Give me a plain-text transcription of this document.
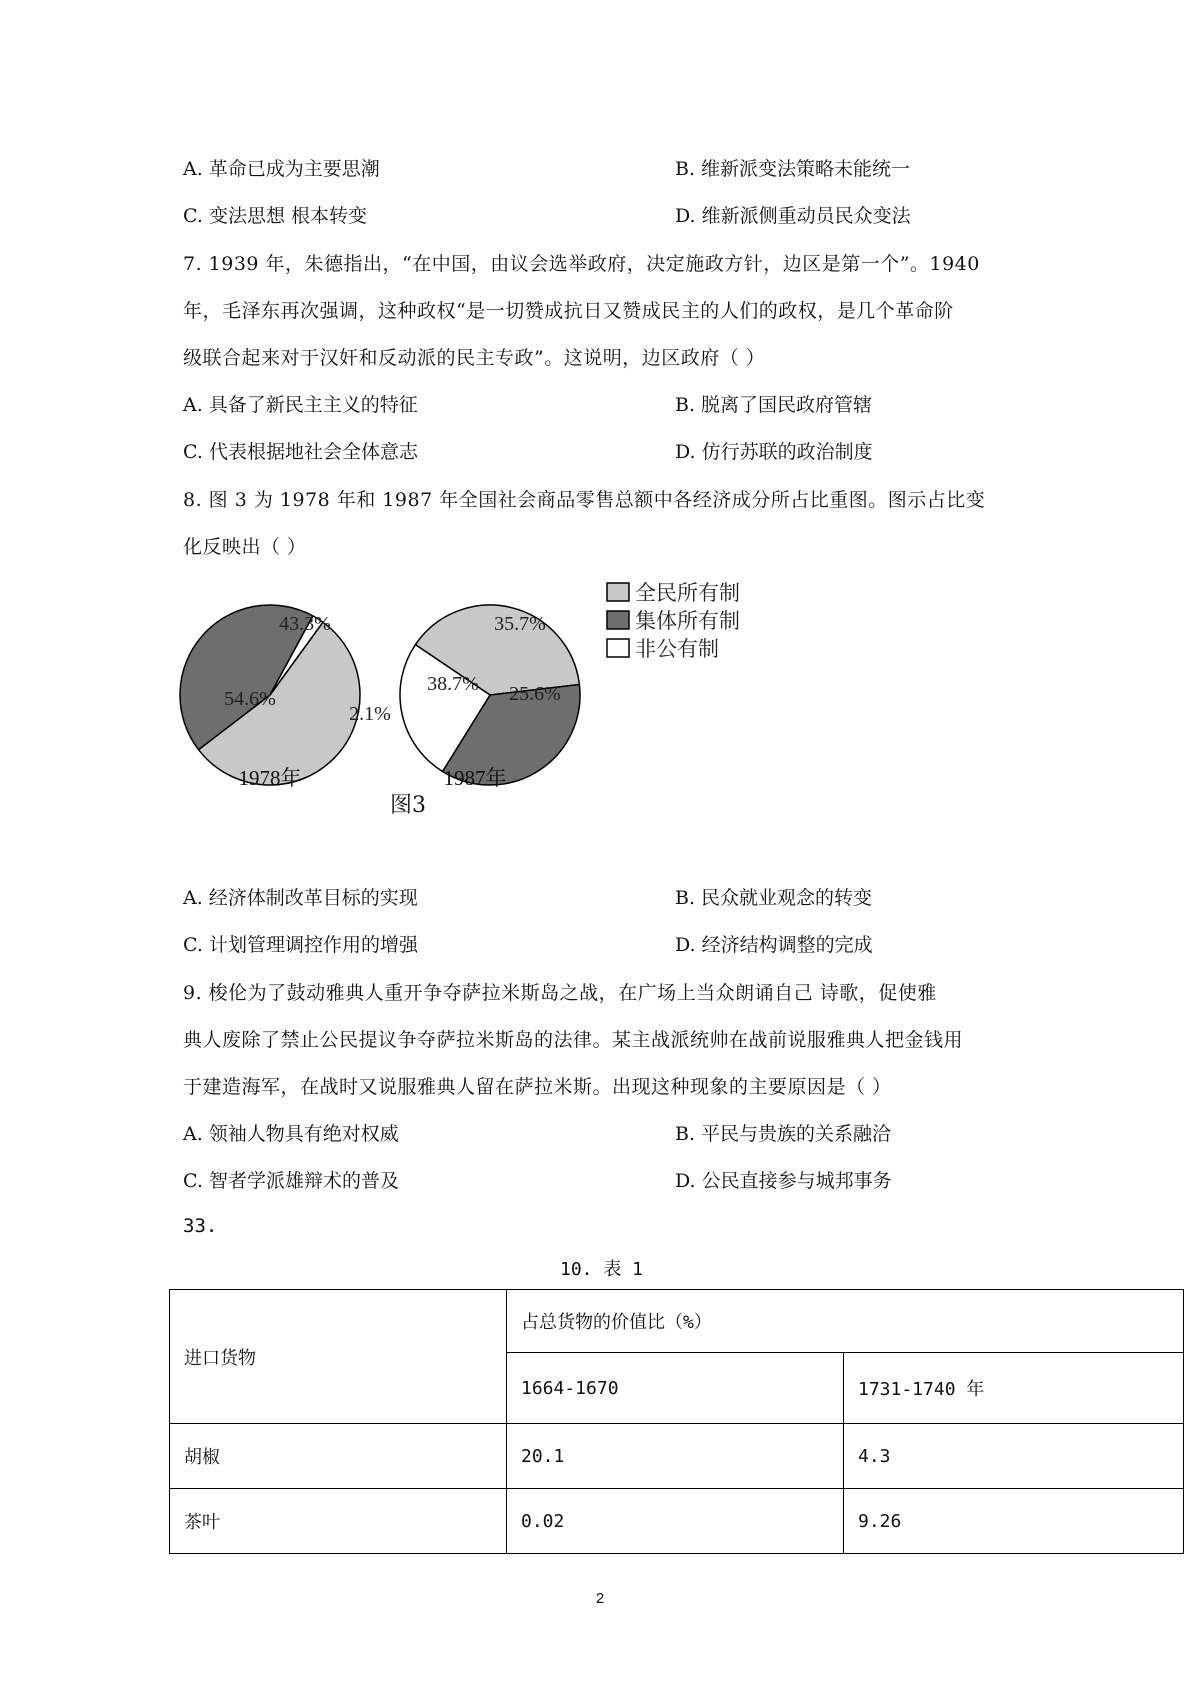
A. 革命已成为主要思潮	B. 维新派变法策略未能统一
C. 变法思想 根本转变	D. 维新派侧重动员民众变法
7. 1939 年，朱德指出，“在中国，由议会选举政府，决定施政方针，边区是第一个”。1940
年，毛泽东再次强调，这种政权“是一切赞成抗日又赞成民主的人们的政权，是几个革命阶
级联合起来对于汉奸和反动派的民主专政”。这说明，边区政府（ ）
A. 具备了新民主主义的特征	B. 脱离了国民政府管辖
C. 代表根据地社会全体意志	D. 仿行苏联的政治制度
8. 图 3 为 1978 年和 1987 年全国社会商品零售总额中各经济成分所占比重图。图示占比变
化反映出（ ）
54.6%
43.3%
2.1%
1978年
38.7%
35.7%
25.6%
1987年
全民所有制
集体所有制
非公有制
图3
A. 经济体制改革目标的实现	B. 民众就业观念的转变
C. 计划管理调控作用的增强	D. 经济结构调整的完成
9. 梭伦为了鼓动雅典人重开争夺萨拉米斯岛之战，在广场上当众朗诵自己 诗歌，促使雅
典人废除了禁止公民提议争夺萨拉米斯岛的法律。某主战派统帅在战前说服雅典人把金钱用
于建造海军，在战时又说服雅典人留在萨拉米斯。出现这种现象的主要原因是（ ）
A. 领袖人物具有绝对权威	B. 平民与贵族的关系融洽
C. 智者学派雄辩术的普及	D. 公民直接参与城邦事务
33.
10. 表 1
进口货物	占总货物的价值比（%）	
	1664-1670	1731-1740 年
胡椒	20.1	4.3
茶叶	0.02	9.26
2
